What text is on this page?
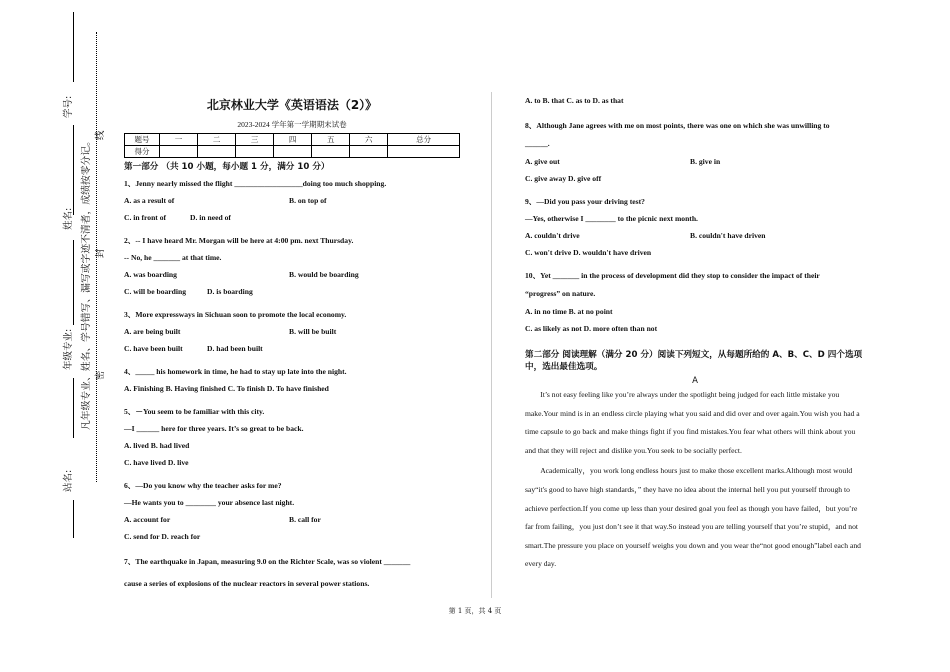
学号:
姓名:
年级专业:
站名:
凡年级专业、姓名、学号错写、漏写或字迹不清者，成绩按零分记。 密
封
线
北京林业大学《英语语法（2）》
2023-2024 学年第一学期期末试卷
题号	一	二	三	四	五	六	总分
得分							
第一部分 （共 10 小题，每小题 1 分，满分 10 分）

1、Jenny nearly missed the flight __________________doing too much shopping.

A. as a result of	B. on top of
C. in front of	D. in need of

2、-- I have heard Mr. Morgan will be here at 4:00 pm. next Thursday.

-- No, he _______ at that time.

A. was boarding	B. would be boarding
C. will be boarding	D. is boarding

3、More expressways in Sichuan soon to promote the local economy.

A. are being built	B. will be built
C. have been built	D. had been built

4、_____ his homework in time, he had to stay up late into the night.

A. Finishing B. Having finished C. To finish D. To have finished

5、－You seem to be familiar with this city.

—I ______ here for three years. It’s so great to be back.

A. lived B. had lived

C. have lived D. live

6、—Do you know why the teacher asks for me?

—He wants you to ________ your absence last night.

A. account for	B. call for

C. send for D. reach for

7、The earthquake in Japan, measuring 9.0 on the Richter Scale, was so violent _______

cause a series of explosions of the nuclear reactors in several power stations.

A. to B. that C. as to D. as that

8、Although Jane agrees with me on most points, there was one on which she was unwilling to

______.

A. give out	B. give in

C. give away D. give off

9、—Did you pass your driving test?

—Yes, otherwise I ________ to the picnic next month.

A. couldn't drive	B. couldn't have driven

C. won't drive D. wouldn't have driven

10、Yet _______ in the process of development did they stop to consider the impact of their

“progress” on nature.

A. in no time B. at no point

C. as likely as not D. more often than not

第二部分 阅读理解（满分 20 分）阅读下列短文，从每题所给的 A、B、C、D 四个选项中，选出最佳选项。
A

It’s not easy feeling like you’re always under the spotlight being judged for each little mistake you make.Your mind is in an endless circle playing what you said and did over and over again.You wish you had a time capsule to go back and make things fight if you find mistakes.You fear what others will think about you and that they will reject and dislike you.You seek to be socially perfect.

Academically，you work long endless hours just to make those excellent marks.Although most would say“it's good to have high standards，” they have no idea about the internal hell you put yourself through to achieve perfection.If you come up less than your desired goal you feel as though you have failed，but you’re far from failing，you just don’t see it that way.So instead you are telling yourself that you’re stupid，and not smart.The pressure you place on yourself weighs you down and you wear the“not good enough”label each and every day.

第 1 页，共 4 页
